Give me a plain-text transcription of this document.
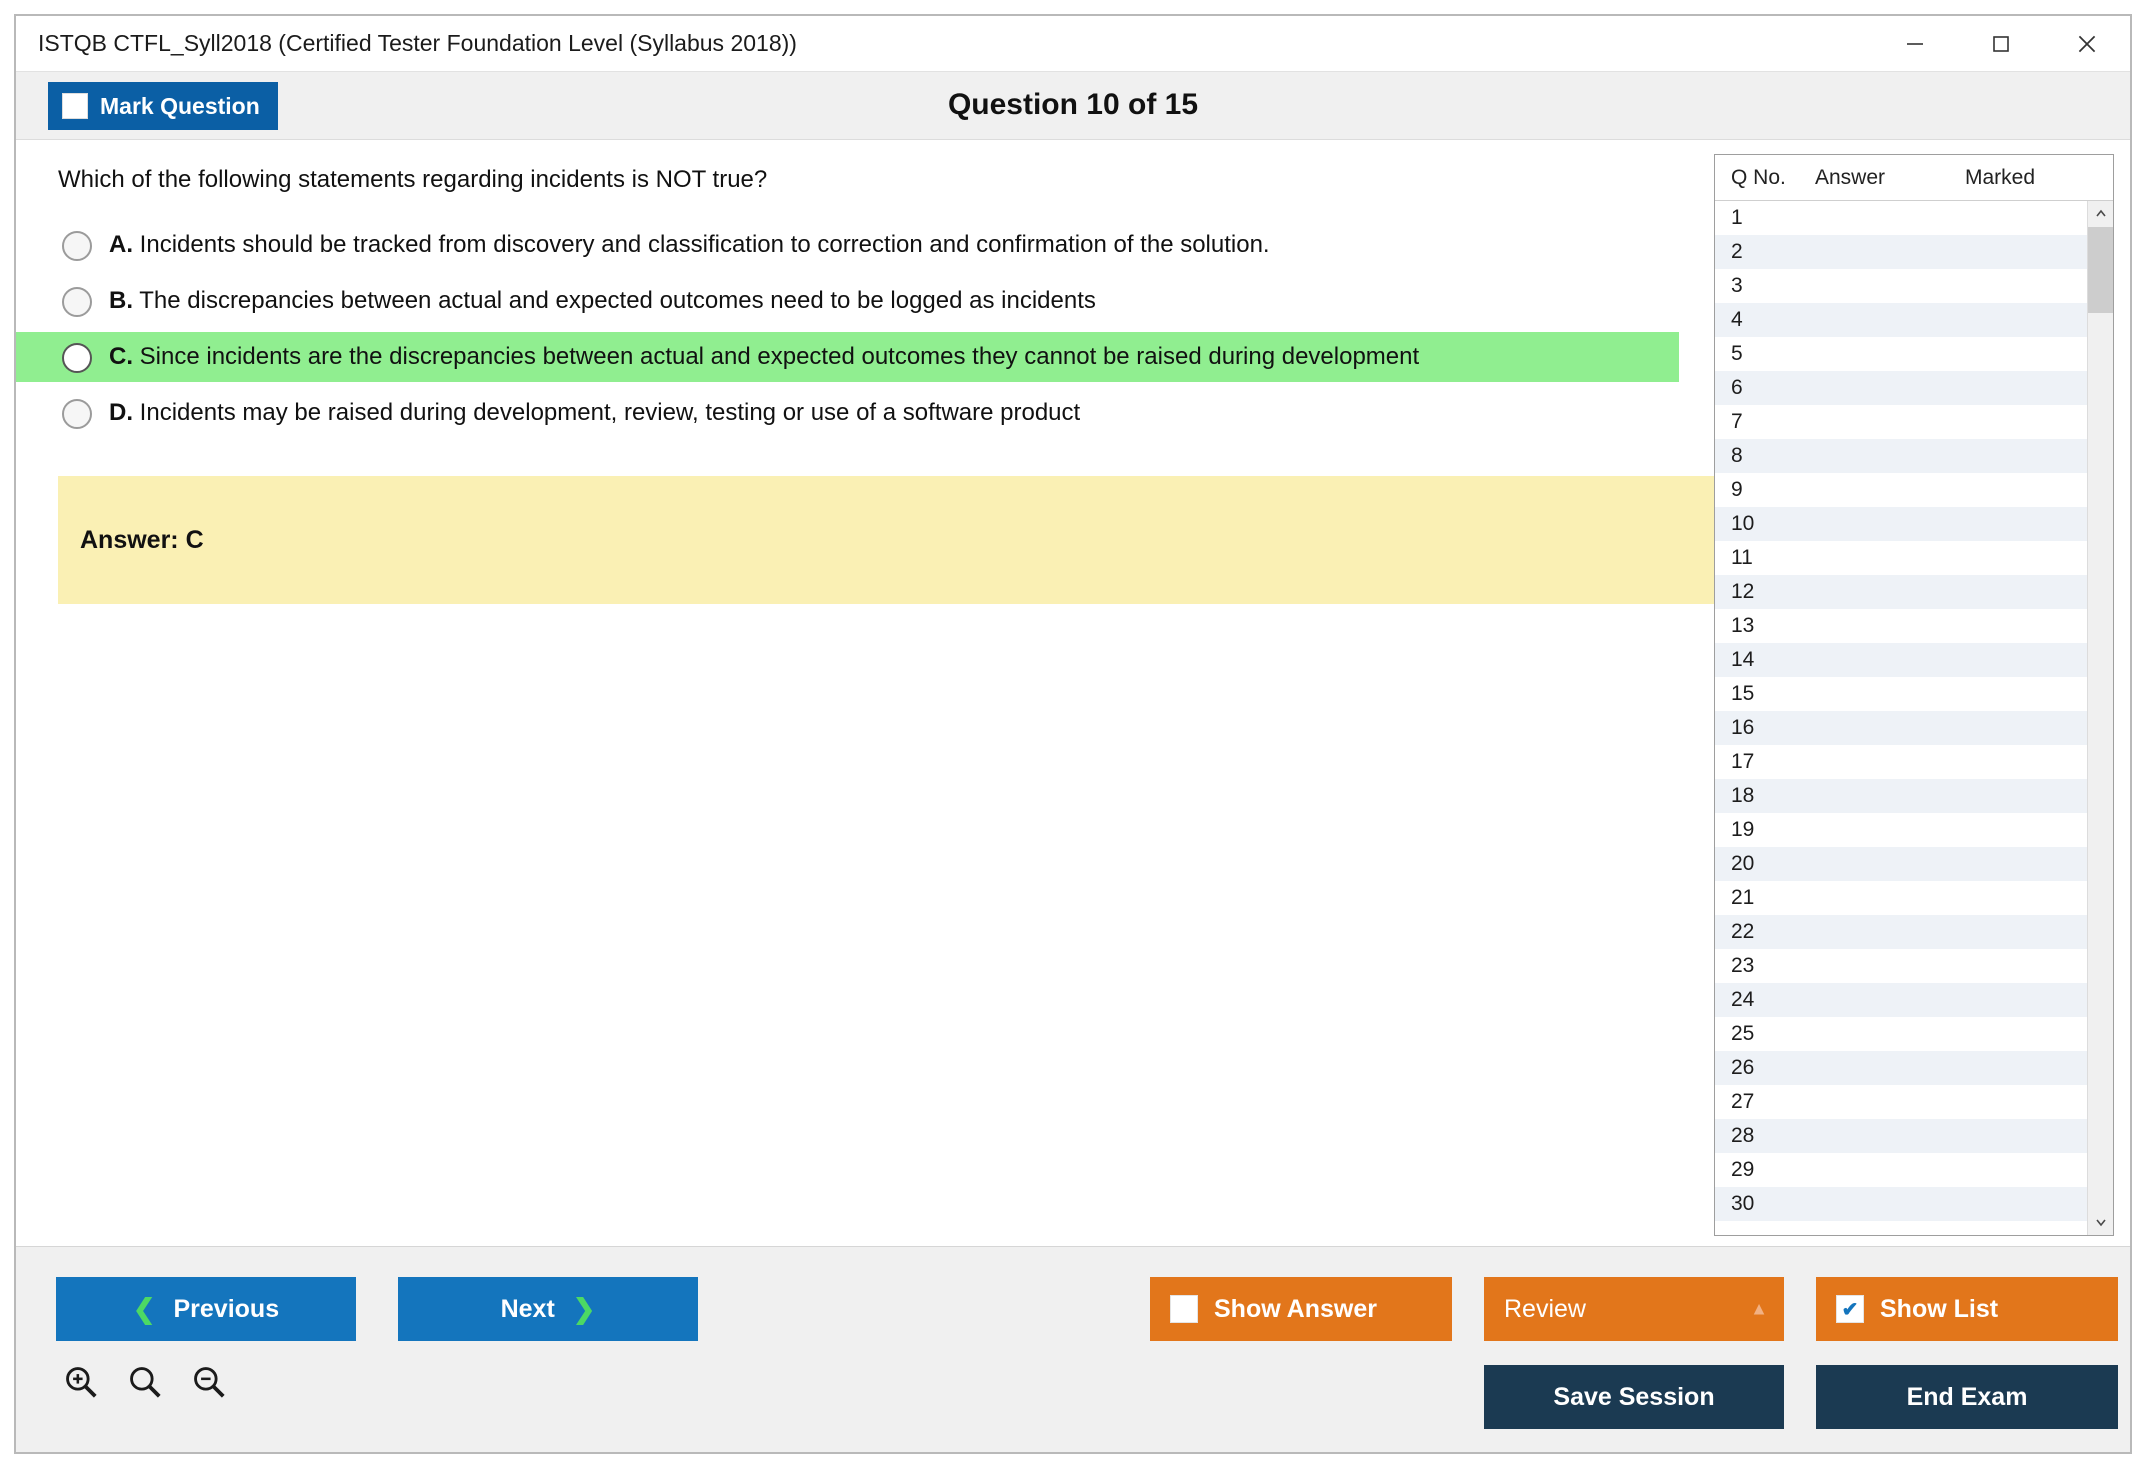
ISTQB CTFL_Syll2018 (Certified Tester Foundation Level (Syllabus 2018))
Mark Question	Question 10 of 15
Which of the following statements regarding incidents is NOT true?
A. Incidents should be tracked from discovery and classification to correction and confirmation of the solution.
B. The discrepancies between actual and expected outcomes need to be logged as incidents
C. Since incidents are the discrepancies between actual and expected outcomes they cannot be raised during development
D. Incidents may be raised during development, review, testing or use of a software product
Answer: C
Q No.	Answer	Marked
1
2
3
4
5
6
7
8
9
10
11
12
13
14
15
16
17
18
19
20
21
22
23
24
25
26
27
28
29
30
❮ Previous	Next ❯	Show Answer	Review	▲	✔ Show List
Save Session	End Exam
